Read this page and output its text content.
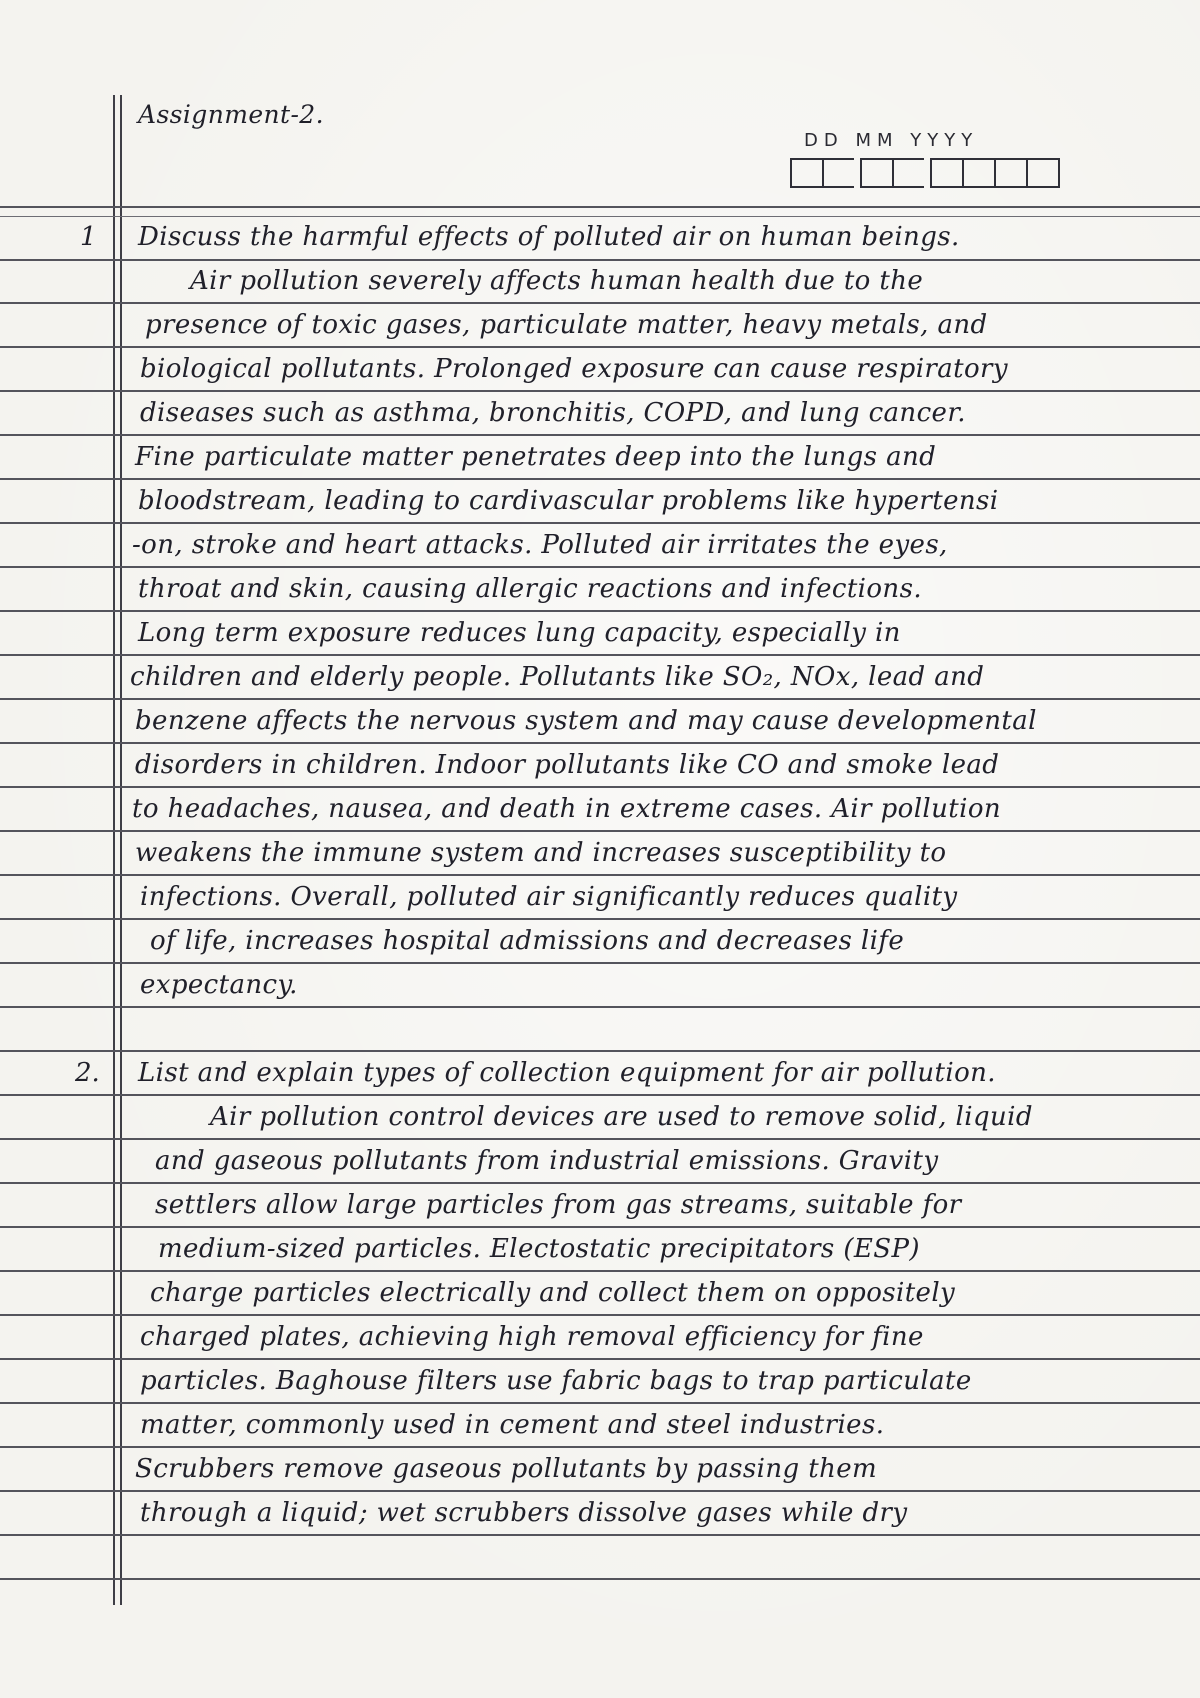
Assignment-2.
DD MM YYYY
1 Discuss the harmful effects of polluted air on human beings.
Air pollution severely affects human health due to the
presence of toxic gases, particulate matter, heavy metals, and
biological pollutants. Prolonged exposure can cause respiratory
diseases such as asthma, bronchitis, COPD, and lung cancer.
Fine particulate matter penetrates deep into the lungs and
bloodstream, leading to cardivascular problems like hypertensi
-on, stroke and heart attacks. Polluted air irritates the eyes,
throat and skin, causing allergic reactions and infections.
Long term exposure reduces lung capacity, especially in
children and elderly people. Pollutants like SO₂, NOx, lead and
benzene affects the nervous system and may cause developmental
disorders in children. Indoor pollutants like CO and smoke lead
to headaches, nausea, and death in extreme cases. Air pollution
weakens the immune system and increases susceptibility to
infections. Overall, polluted air significantly reduces quality
of life, increases hospital admissions and decreases life
expectancy.
2. List and explain types of collection equipment for air pollution.
Air pollution control devices are used to remove solid, liquid
and gaseous pollutants from industrial emissions. Gravity
settlers allow large particles from gas streams, suitable for
medium-sized particles. Electostatic precipitators (ESP)
charge particles electrically and collect them on oppositely
charged plates, achieving high removal efficiency for fine
particles. Baghouse filters use fabric bags to trap particulate
matter, commonly used in cement and steel industries.
Scrubbers remove gaseous pollutants by passing them
through a liquid; wet scrubbers dissolve gases while dry
